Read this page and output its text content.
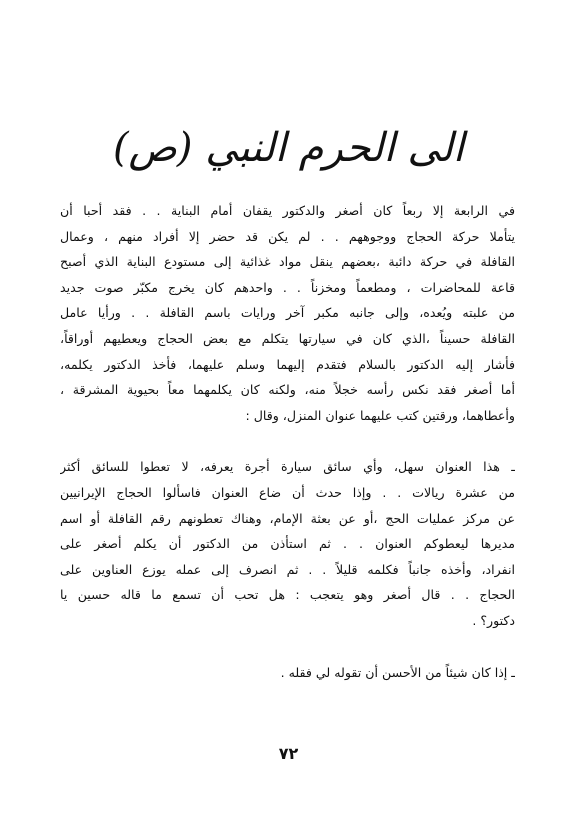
الى الحرم النبي (ص)

في الرابعة إلا ربعاً كان أصغر والدكتور يقفان أمام البناية . . فقد أحبا أن
يتأملا حركة الحجاج ووجوههم . . لم يكن قد حضر إلا أفراد منهم ، وعمال
القافلة في حركة دائبة ،بعضهم ينقل مواد غذائية إلى مستودع البناية الذي أصبح
قاعة للمحاضرات ، ومطعماً ومخزناً . . واحدهم كان يخرج مكبّر صوت جديد
من علبته ويُعده، وإلى جانبه مكبر آخر ورايات باسم القافلة . . ورأيا عامل
القافلة حسيناً ،الذي كان في سيارتها يتكلم مع بعض الحجاج ويعطيهم أوراقاً،
فأشار إليه الدكتور بالسلام فتقدم إليهما وسلم عليهما، فأخذ الدكتور يكلمه،
أما أصغر فقد نكس رأسه خجلاً منه، ولكنه كان يكلمهما معاً بحيوية المشرقة ،
وأعطاهما، ورقتين كتب عليهما عنوان المنزل، وقال :

ـ هذا العنوان سهل، وأي سائق سيارة أجرة يعرفه، لا تعطوا للسائق أكثر
من عشرة ريالات . . وإذا حدث أن ضاع العنوان فاسألوا الحجاج الإيرانيين
عن مركز عمليات الحج ،أو عن بعثة الإمام، وهناك تعطونهم رقم القافلة أو اسم
مديرها ليعطوكم العنوان . . ثم استأذن من الدكتور أن يكلم أصغر على
انفراد، وأخذه جانباً فكلمه قليلاً . . ثم انصرف إلى عمله يوزع العناوين على
الحجاج . . قال أصغر وهو يتعجب : هل تحب أن تسمع ما قاله حسين يا
دكتور؟ .

ـ إذا كان شيئاً من الأحسن أن تقوله لي فقله .

٧٢
